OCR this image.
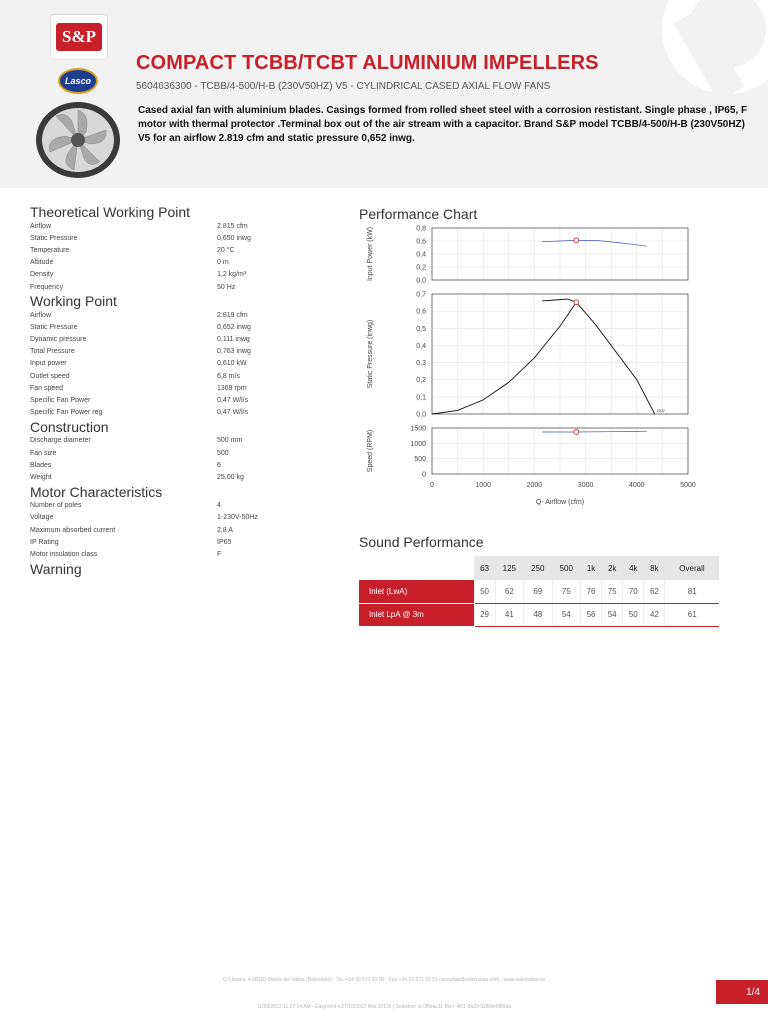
S&P
Lasco
COMPACT TCBB/TCBT ALUMINIUM IMPELLERS
5604636300 - TCBB/4-500/H-B (230V50HZ) V5 - CYLINDRICAL CASED AXIAL FLOW FANS
Cased axial fan with aluminium blades. Casings formed from rolled sheet steel with a corrosion restistant. Single phase , IP65, F motor with thermal protector .Terminal box out of the air stream with a capacitor. Brand S&P model TCBB/4-500/H-B (230V50HZ) V5 for an airflow 2.819 cfm and static pressure 0,652 inwg.
Theoretical Working Point
Airflow	2.815 cfm
Static Pressure	0,650 inwg
Temperature	20 °C
Altitude	0 m
Density	1,2 kg/m³
Frequency	50 Hz
Working Point
Airflow	2.819 cfm
Static Pressure	0,652 inwg
Dynamic pressure	0,111 inwg
Total Pressure	0,763 inwg
Input power	0,610 kW
Outlet speed	6,8 m/s
Fan speed	1369 rpm
Specific Fan Power	0,47 W/l/s
Specific Fan Power reg	0,47 W/l/s
Construction
Discharge diameter	500 mm
Fan size	500
Blades	6
Weight	25,00 kg
Motor Characteristics
Number of poles	4
Voltage	1-230V-50Hz
Maximum absorbed current	2,8 A
IP Rating	IP65
Motor insulation class	F
Warning
Performance Chart
0,0
0,2
0,4
0,6
0,8
Input Power (kW)
0,0
0,1
0,2
0,3
0,4
0,5
0,6
0,7
Static Pressure (inwg)
230V
0
500
1000
1500
Speed (RPM)
0	1000	2000	3000	4000	5000
Q- Airflow (cfm)
Sound Performance
	63	125	250	500	1k	2k	4k	8k	Overall
Inlet (LwA)	50	62	69	75	76	75	70	62	81
Inlet LpA @ 3m	29	41	48	54	56	54	50	42	61
C/ Llevant, 4 08150 Parets del Vallès (Barcelona) - Tel. +34 93 571 93 00 - Fax +34 93 571 93 01 consultas@solerpalau.com - www.solerpalau.es
11/29/2022 11:27:14 AM - EasyVent v.27/10/2022 Rev.20126 | Selection Id 0f5eac11-f5e7-4f01-9b23-02fb9e0f89da
1/4
